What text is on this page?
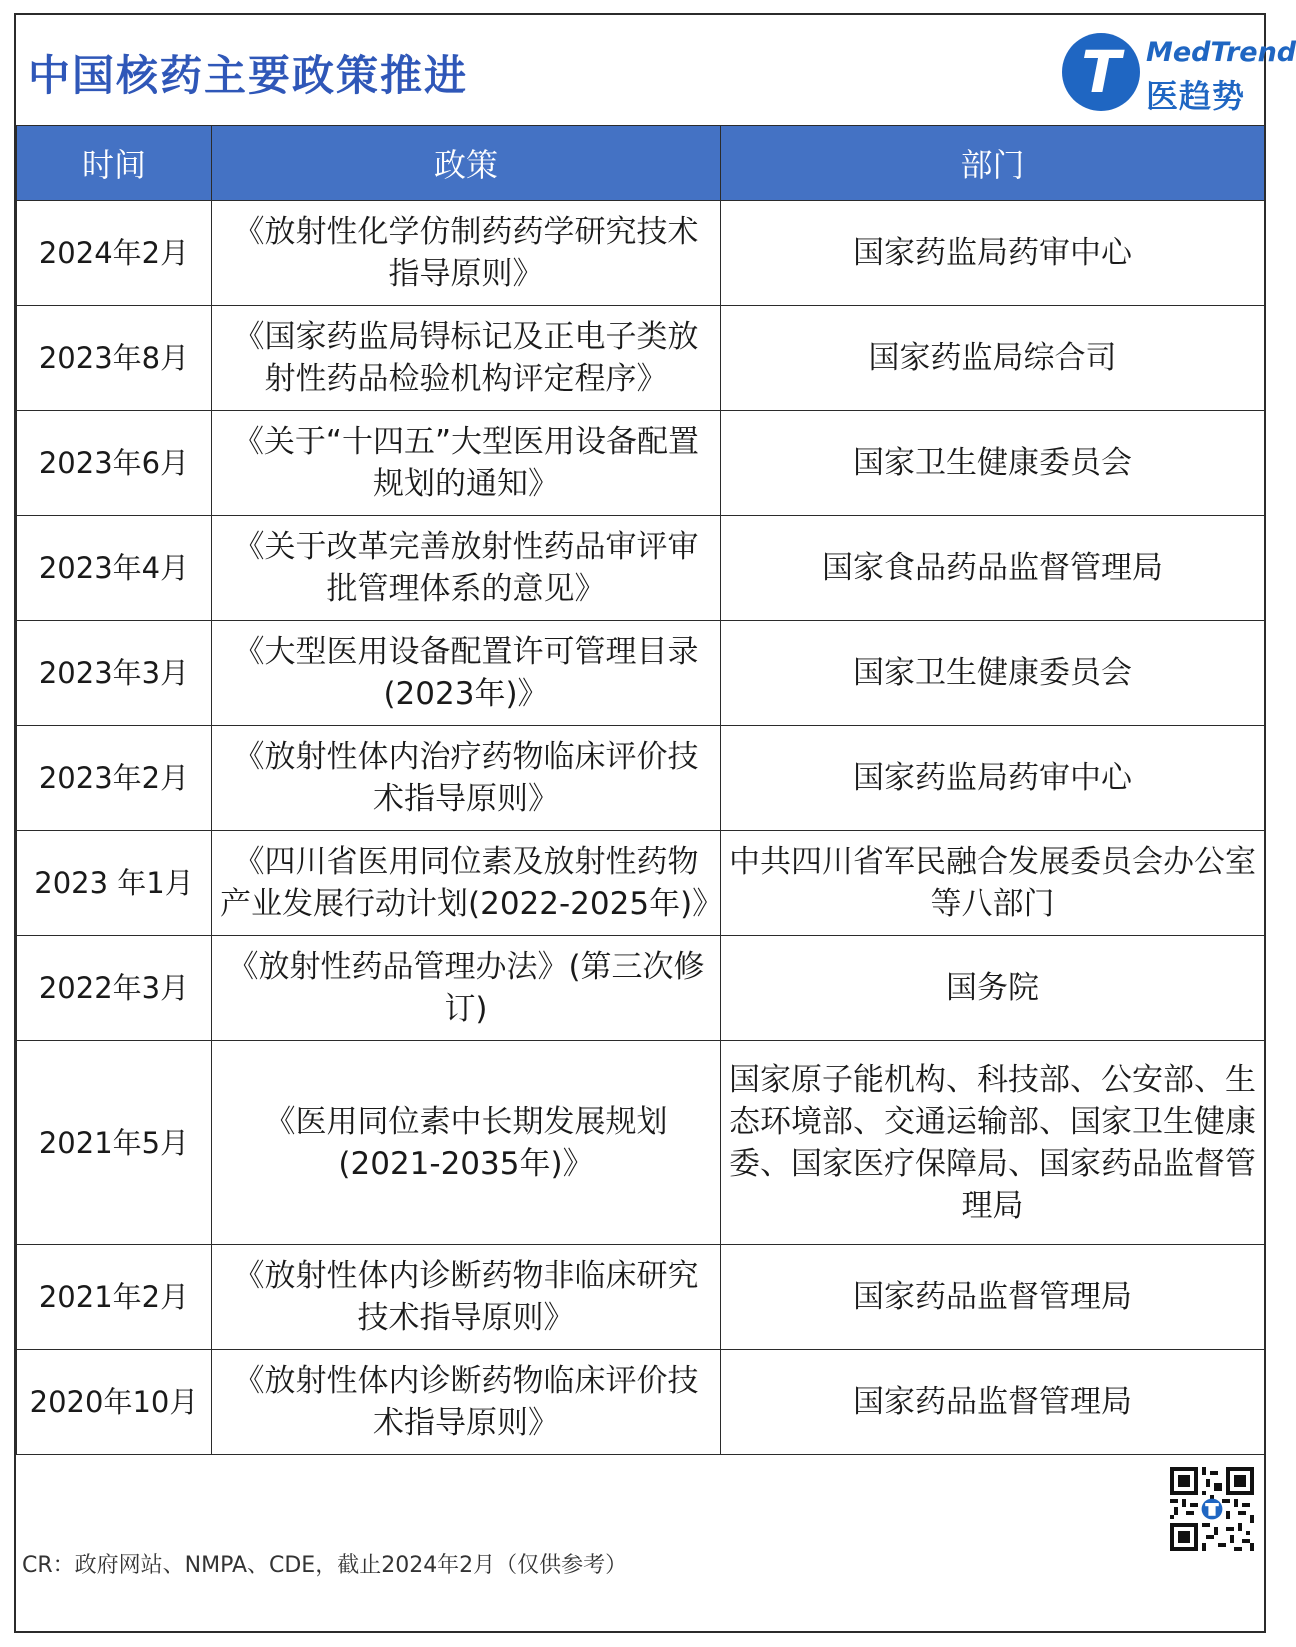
中国核药主要政策推进	T MedTrend
医趋势
时间	政策	部门
2024年2月	《放射性化学仿制药药学研究技术指导原则》	国家药监局药审中心
2023年8月	《国家药监局锝标记及正电子类放射性药品检验机构评定程序》	国家药监局综合司
2023年6月	《关于“十四五”大型医用设备配置规划的通知》	国家卫生健康委员会
2023年4月	《关于改革完善放射性药品审评审批管理体系的意见》	国家食品药品监督管理局
2023年3月	《大型医用设备配置许可管理目录(2023年)》	国家卫生健康委员会
2023年2月	《放射性体内治疗药物临床评价技术指导原则》	国家药监局药审中心
2023 年1月	《四川省医用同位素及放射性药物产业发展行动计划(2022-2025年)》	中共四川省军民融合发展委员会办公室等八部门
2022年3月	《放射性药品管理办法》(第三次修订)	国务院
2021年5月	《医用同位素中长期发展规划(2021-2035年)》	国家原子能机构、科技部、公安部、生态环境部、交通运输部、国家卫生健康委、国家医疗保障局、国家药品监督管理局
2021年2月	《放射性体内诊断药物非临床研究技术指导原则》	国家药品监督管理局
2020年10月	《放射性体内诊断药物临床评价技术指导原则》	国家药品监督管理局
CR：政府网站、NMPA、CDE，截止2024年2月（仅供参考）
